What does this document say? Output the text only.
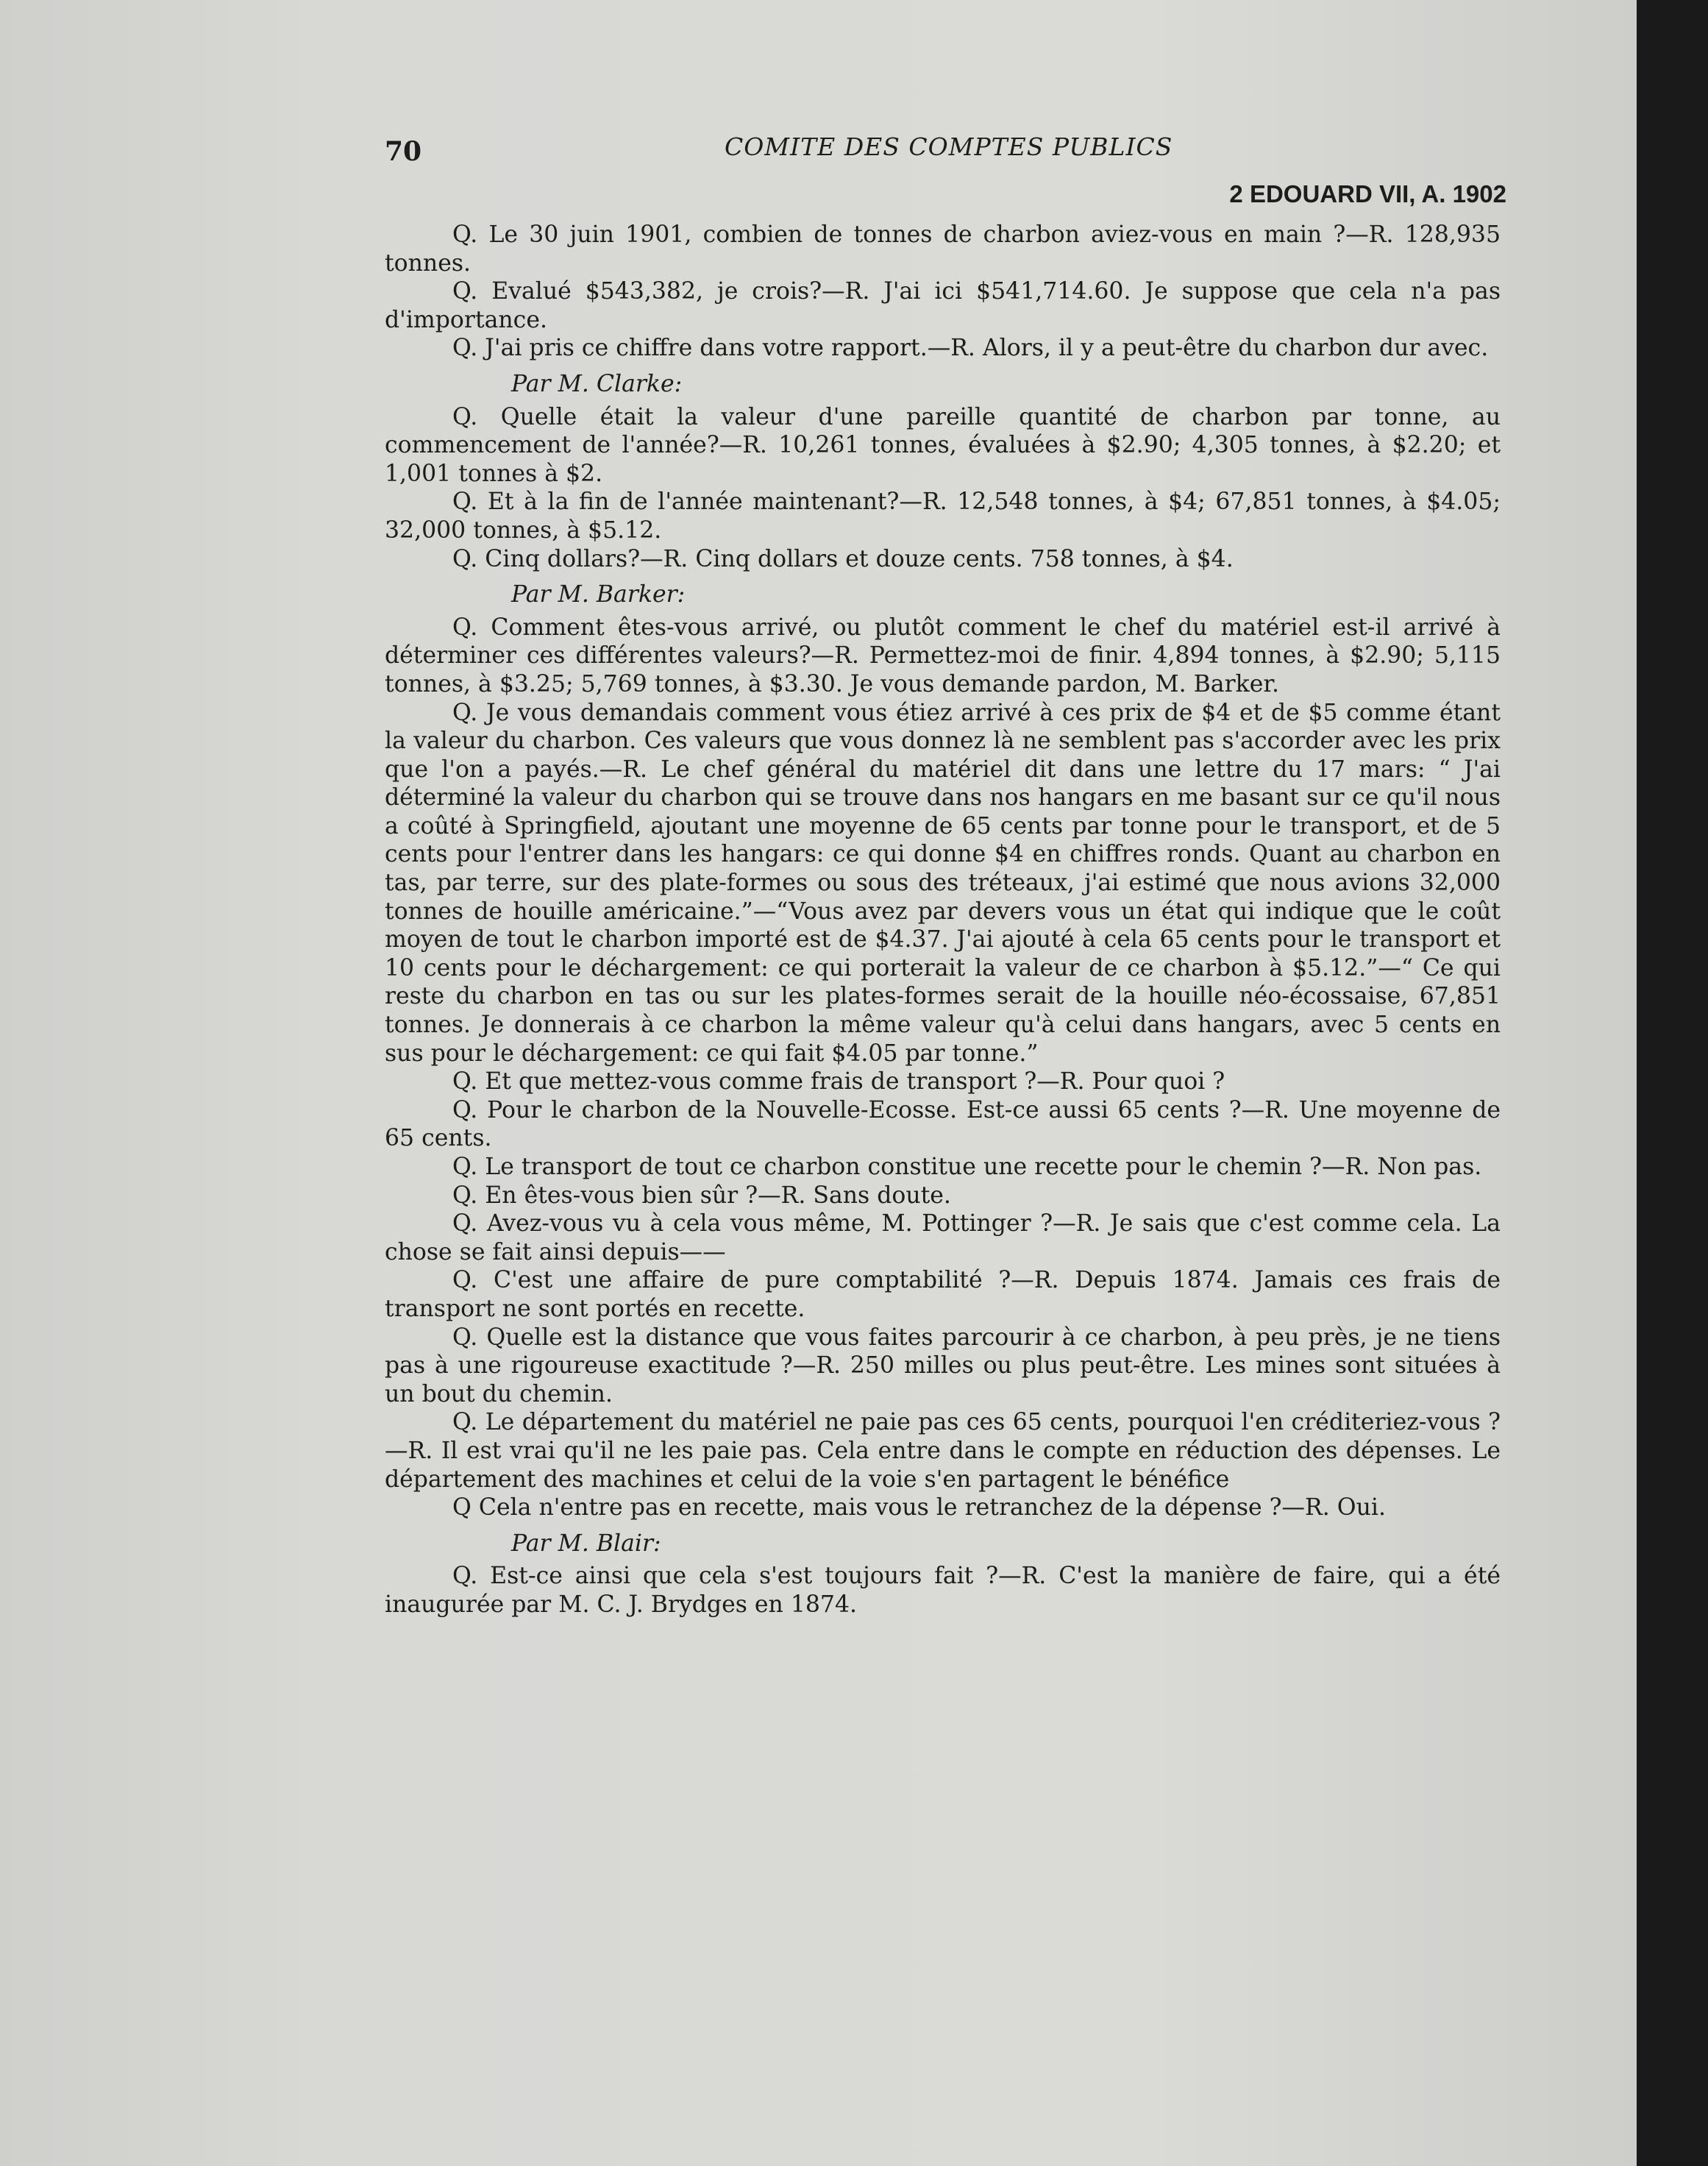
70	COMITE DES COMPTES PUBLICS
2 EDOUARD VII, A. 1902

Q. Le 30 juin 1901, combien de tonnes de charbon aviez-vous en main ?—R. 128,935 tonnes.

Q. Evalué $543,382, je crois?—R. J'ai ici $541,714.60. Je suppose que cela n'a pas d'importance.

Q. J'ai pris ce chiffre dans votre rapport.—R. Alors, il y a peut-être du charbon dur avec.

Par M. Clarke:

Q. Quelle était la valeur d'une pareille quantité de charbon par tonne, au commencement de l'année?—R. 10,261 tonnes, évaluées à $2.90; 4,305 tonnes, à $2.20; et 1,001 tonnes à $2.

Q. Et à la fin de l'année maintenant?—R. 12,548 tonnes, à $4; 67,851 tonnes, à $4.05; 32,000 tonnes, à $5.12.

Q. Cinq dollars?—R. Cinq dollars et douze cents. 758 tonnes, à $4.

Par M. Barker:

Q. Comment êtes-vous arrivé, ou plutôt comment le chef du matériel est-il arrivé à déterminer ces différentes valeurs?—R. Permettez-moi de finir. 4,894 tonnes, à $2.90; 5,115 tonnes, à $3.25; 5,769 tonnes, à $3.30. Je vous demande pardon, M. Barker.

Q. Je vous demandais comment vous étiez arrivé à ces prix de $4 et de $5 comme étant la valeur du charbon. Ces valeurs que vous donnez là ne semblent pas s'accorder avec les prix que l'on a payés.—R. Le chef général du matériel dit dans une lettre du 17 mars: “ J'ai déterminé la valeur du charbon qui se trouve dans nos hangars en me basant sur ce qu'il nous a coûté à Springfield, ajoutant une moyenne de 65 cents par tonne pour le transport, et de 5 cents pour l'entrer dans les hangars: ce qui donne $4 en chiffres ronds. Quant au charbon en tas, par terre, sur des plate-formes ou sous des tréteaux, j'ai estimé que nous avions 32,000 tonnes de houille américaine.”—“Vous avez par devers vous un état qui indique que le coût moyen de tout le charbon importé est de $4.37. J'ai ajouté à cela 65 cents pour le transport et 10 cents pour le déchargement: ce qui porterait la valeur de ce charbon à $5.12.”—“ Ce qui reste du charbon en tas ou sur les plates-formes serait de la houille néo-écossaise, 67,851 tonnes. Je donnerais à ce charbon la même valeur qu'à celui dans hangars, avec 5 cents en sus pour le déchargement: ce qui fait $4.05 par tonne.”

Q. Et que mettez-vous comme frais de transport ?—R. Pour quoi ?

Q. Pour le charbon de la Nouvelle-Ecosse. Est-ce aussi 65 cents ?—R. Une moyenne de 65 cents.

Q. Le transport de tout ce charbon constitue une recette pour le chemin ?—R. Non pas.

Q. En êtes-vous bien sûr ?—R. Sans doute.

Q. Avez-vous vu à cela vous même, M. Pottinger ?—R. Je sais que c'est comme cela. La chose se fait ainsi depuis——

Q. C'est une affaire de pure comptabilité ?—R. Depuis 1874. Jamais ces frais de transport ne sont portés en recette.

Q. Quelle est la distance que vous faites parcourir à ce charbon, à peu près, je ne tiens pas à une rigoureuse exactitude ?—R. 250 milles ou plus peut-être. Les mines sont situées à un bout du chemin.

Q. Le département du matériel ne paie pas ces 65 cents, pourquoi l'en créditeriez-vous ?—R. Il est vrai qu'il ne les paie pas. Cela entre dans le compte en réduction des dépenses. Le département des machines et celui de la voie s'en partagent le bénéfice

Q Cela n'entre pas en recette, mais vous le retranchez de la dépense ?—R. Oui.

Par M. Blair:

Q. Est-ce ainsi que cela s'est toujours fait ?—R. C'est la manière de faire, qui a été inaugurée par M. C. J. Brydges en 1874.
